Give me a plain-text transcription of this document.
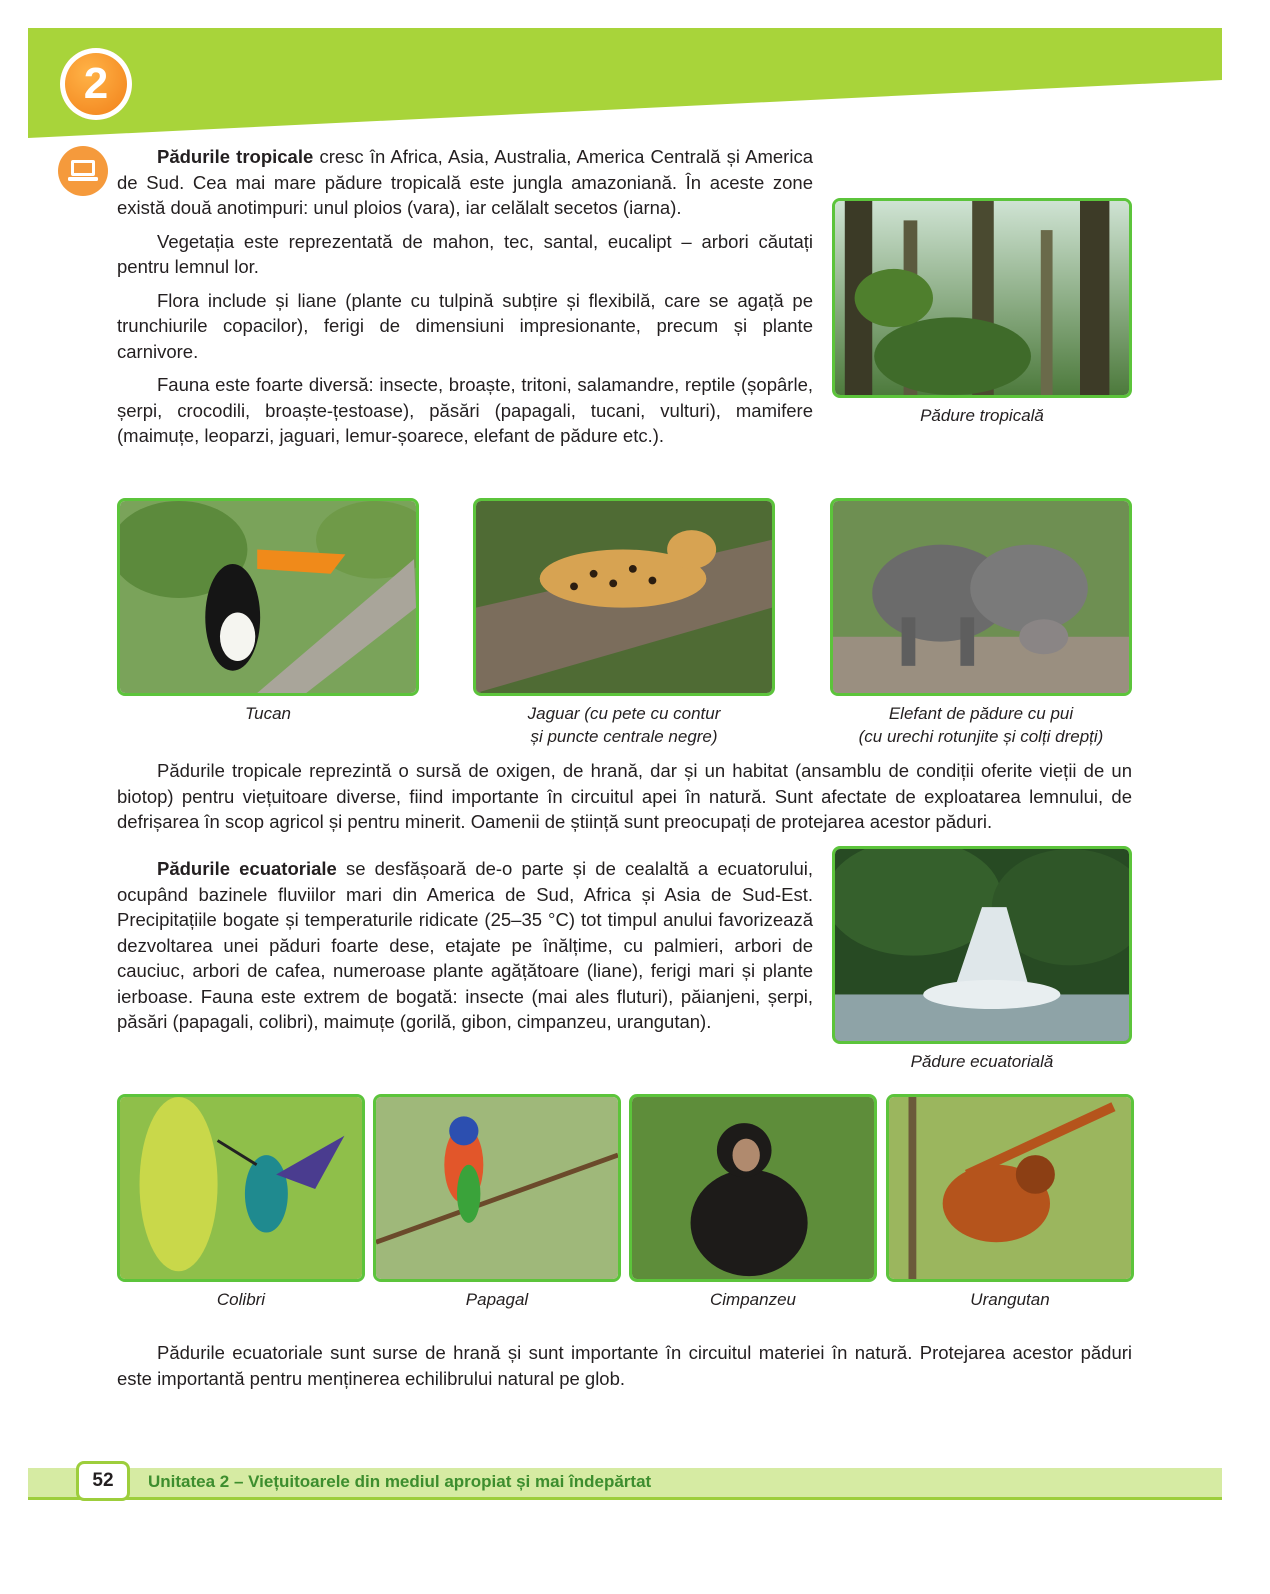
2

Pădurile tropicale cresc în Africa, Asia, Australia, America Centrală și America de Sud. Cea mai mare pădure tropicală este jungla amazoniană. În aceste zone există două anotimpuri: unul ploios (vara), iar celălalt secetos (iarna).

Vegetația este reprezentată de mahon, tec, santal, eucalipt – arbori căutați pentru lemnul lor.

Flora include și liane (plante cu tulpină subțire și flexibilă, care se agață pe trunchiurile copacilor), ferigi de dimensiuni impresionante, precum și plante carnivore.

Fauna este foarte diversă: insecte, broaște, tritoni, salamandre, reptile (șopârle, șerpi, crocodili, broaște-țestoase), păsări (papagali, tucani, vulturi), mamifere (maimuțe, leoparzi, jaguari, lemur-șoarece, elefant de pădure etc.).

Pădure tropicală
Tucan	Jaguar (cu pete cu contur
și puncte centrale negre)
Elefant de pădure cu pui
(cu urechi rotunjite și colți drepți)

Pădurile tropicale reprezintă o sursă de oxigen, de hrană, dar și un habitat (ansamblu de condiții oferite vieții de un biotop) pentru viețuitoare diverse, fiind importante în circuitul apei în natură. Sunt afectate de exploatarea lemnului, de defrișarea în scop agricol și pentru minerit. Oamenii de știință sunt preocupați de protejarea acestor păduri.

Pădurile ecuatoriale se desfășoară de-o parte și de cealaltă a ecuatorului, ocupând bazinele fluviilor mari din America de Sud, Africa și Asia de Sud-Est. Precipitațiile bogate și temperaturile ridicate (25–35 °C) tot timpul anului favorizează dezvoltarea unei păduri foarte dese, etajate pe înălțime, cu palmieri, arbori de cauciuc, arbori de cafea, numeroase plante agățătoare (liane), ferigi mari și plante ierboase. Fauna este extrem de bogată: insecte (mai ales fluturi), păianjeni, șerpi, păsări (papagali, colibri), maimuțe (gorilă, gibon, cimpanzeu, urangutan).

Pădure ecuatorială
Colibri	Papagal	Cimpanzeu	Urangutan

Pădurile ecuatoriale sunt surse de hrană și sunt importante în circuitul materiei în natură. Protejarea acestor păduri este importantă pentru menținerea echilibrului natural pe glob.

52	Unitatea 2 – Viețuitoarele din mediul apropiat și mai îndepărtat
